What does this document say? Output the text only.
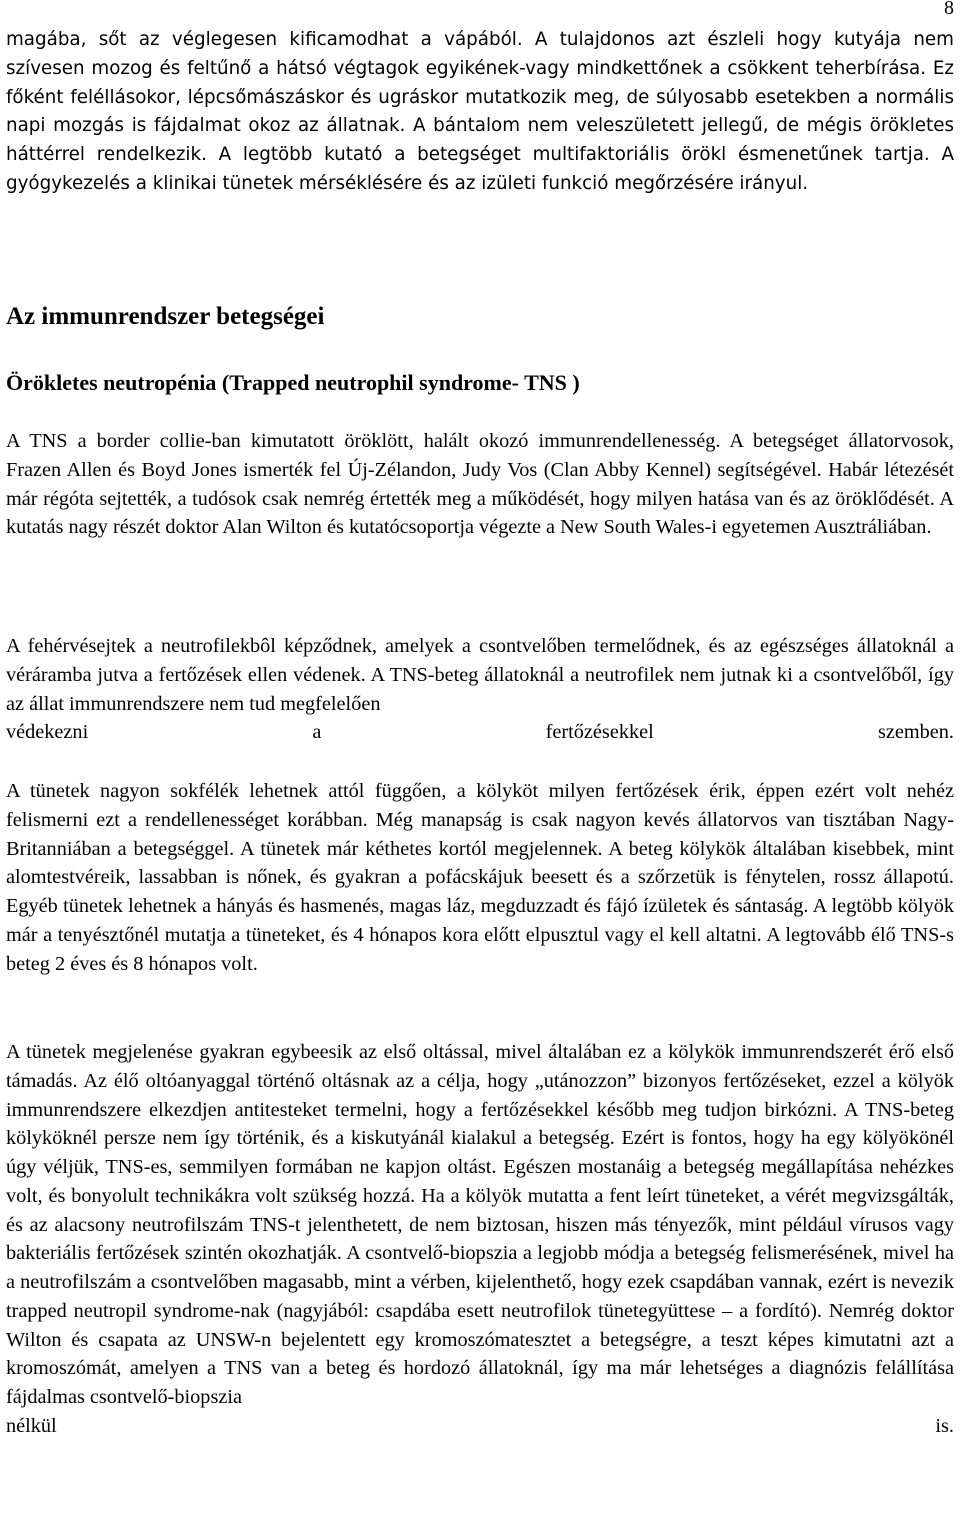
8

magába, sőt az véglegesen kificamodhat a vápából. A tulajdonos azt észleli hogy kutyája nem szívesen mozog és feltűnő a hátsó végtagok egyikének-vagy mindkettőnek a csökkent teherbírása. Ez főként feléllásokor, lépcsőmászáskor és ugráskor mutatkozik meg, de súlyosabb esetekben a normális napi mozgás is fájdalmat okoz az állatnak. A bántalom nem veleszületett jellegű, de mégis örökletes háttérrel rendelkezik. A legtöbb kutató a betegséget multifaktoriális örökl ésmenetűnek tartja. A gyógykezelés a klinikai tünetek mérséklésére és az izületi funkció megőrzésére irányul.

Az immunrendszer betegségei
Örökletes neutropénia (Trapped neutrophil syndrome- TNS )

A TNS a border collie-ban kimutatott öröklött, halált okozó immunrendellenesség. A betegséget állatorvosok, Frazen Allen és Boyd Jones ismerték fel Új-Zélandon, Judy Vos (Clan Abby Kennel) segítségével. Habár létezését már régóta sejtették, a tudósok csak nemrég értették meg a működését, hogy milyen hatása van és az öröklődését. A kutatás nagy részét doktor Alan Wilton és kutatócsoportja végezte a New South Wales-i egyetemen Ausztráliában.

A fehérvésejtek a neutrofilekbôl képződnek, amelyek a csontvelőben termelődnek, és az egészséges állatoknál a véráramba jutva a fertőzések ellen védenek. A TNS-beteg állatoknál a neutrofilek nem jutnak ki a csontvelőből, így az állat immunrendszere nem tud megfelelően
védekezni a fertőzésekkel szemben.

A tünetek nagyon sokfélék lehetnek attól függően, a kölyköt milyen fertőzések érik, éppen ezért volt nehéz felismerni ezt a rendellenességet korábban. Még manapság is csak nagyon kevés állatorvos van tisztában Nagy-Britanniában a betegséggel. A tünetek már kéthetes kortól megjelennek. A beteg kölykök általában kisebbek, mint alomtestvéreik, lassabban is nőnek, és gyakran a pofácskájuk beesett és a szőrzetük is fénytelen, rossz állapotú. Egyéb tünetek lehetnek a hányás és hasmenés, magas láz, megduzzadt és fájó ízületek és sántaság. A legtöbb kölyök már a tenyésztőnél mutatja a tüneteket, és 4 hónapos kora előtt elpusztul vagy el kell altatni. A legtovább élő TNS-s beteg 2 éves és 8 hónapos volt.

A tünetek megjelenése gyakran egybeesik az első oltással, mivel általában ez a kölykök immunrendszerét érő első támadás. Az élő oltóanyaggal történő oltásnak az a célja, hogy „utánozzon” bizonyos fertőzéseket, ezzel a kölyök immunrendszere elkezdjen antitesteket termelni, hogy a fertőzésekkel később meg tudjon birkózni. A TNS-beteg kölyköknél persze nem így történik, és a kiskutyánál kialakul a betegség. Ezért is fontos, hogy ha egy kölyökönél úgy véljük, TNS-es, semmilyen formában ne kapjon oltást. Egészen mostanáig a betegség megállapítása nehézkes volt, és bonyolult technikákra volt szükség hozzá. Ha a kölyök mutatta a fent leírt tüneteket, a vérét megvizsgálták, és az alacsony neutrofilszám TNS-t jelenthetett, de nem biztosan, hiszen más tényezők, mint például vírusos vagy bakteriális fertőzések szintén okozhatják. A csontvelő-biopszia a legjobb módja a betegség felismerésének, mivel ha a neutrofilszám a csontvelőben magasabb, mint a vérben, kijelenthető, hogy ezek csapdában vannak, ezért is nevezik trapped neutropil syndrome-nak (nagyjából: csapdába esett neutrofilok tünetegyüttese – a fordító). Nemrég doktor Wilton és csapata az UNSW-n bejelentett egy kromoszómatesztet a betegségre, a teszt képes kimutatni azt a kromoszómát, amelyen a TNS van a beteg és hordozó állatoknál, így ma már lehetséges a diagnózis felállítása fájdalmas csontvelő-biopszia
nélkül is.
